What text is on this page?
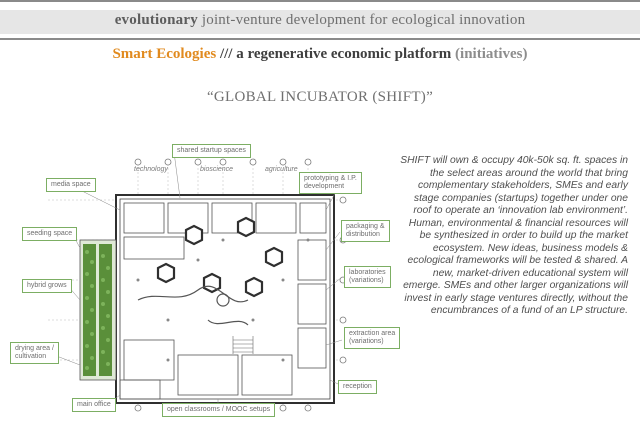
evolutionary joint-venture development for ecological innovation
Smart Ecologies /// a regenerative economic platform (initiatives)
“GLOBAL INCUBATOR (SHIFT)”
shared startup spaces
media space
seeding space
hybrid grows
drying area /
cultivation
main office
open classrooms / MOOC setups
prototyping & I.P.
development
packaging &
distribution
laboratories
(variations)
extraction area
(variations)
reception
technology	bioscience	agriculture

SHIFT will own & occupy 40k-50k sq. ft. spaces in the select areas around the world that bring complementary stakeholders, SMEs and early stage companies (startups) together under one roof to operate an ‘innovation lab environment’. Human, environmental & financial resources will be synthesized in order to build up the market ecosystem. New ideas, business models & ecological frameworks will be tested & shared. A new, market-driven educational system will emerge. SMEs and other larger organizations will invest in early stage ventures directly, without the encumbrances of a fund of an LP structure.
